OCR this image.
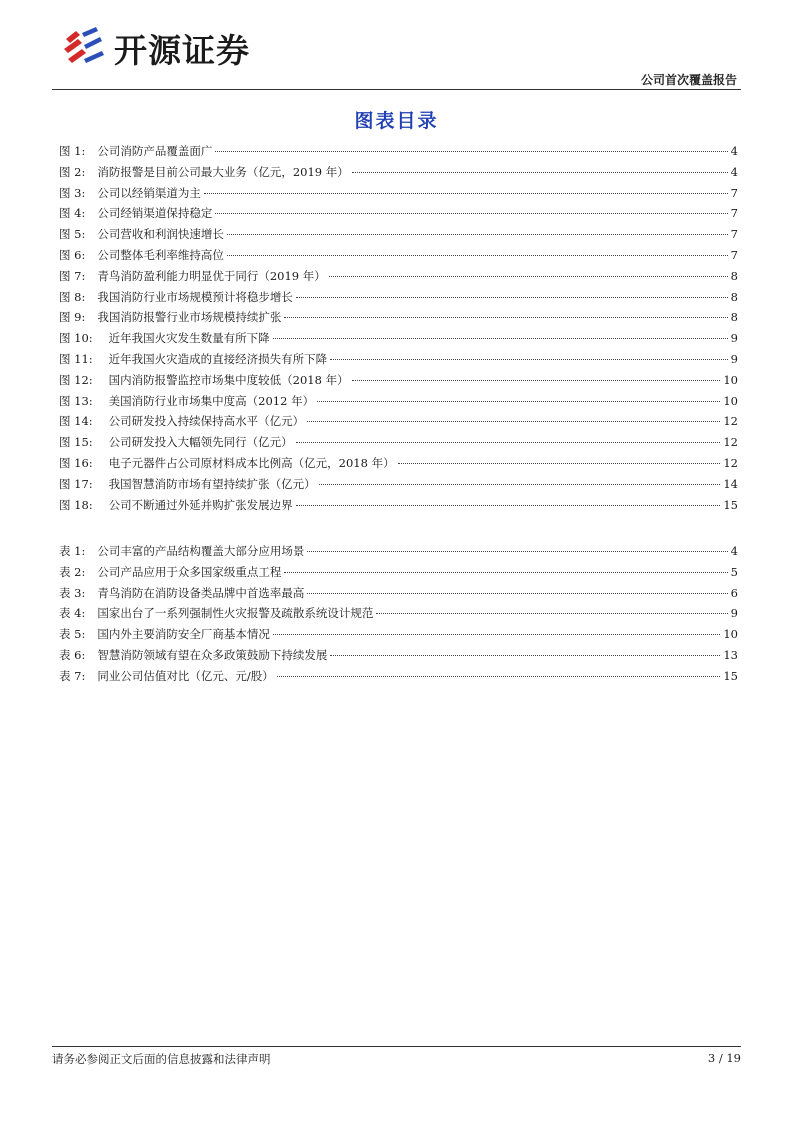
开源证券
公司首次覆盖报告
图表目录
图 1:	公司消防产品覆盖面广	4
图 2:	消防报警是目前公司最大业务（亿元，2019 年）	4
图 3:	公司以经销渠道为主	7
图 4:	公司经销渠道保持稳定	7
图 5:	公司营收和利润快速增长	7
图 6:	公司整体毛利率维持高位	7
图 7:	青鸟消防盈利能力明显优于同行（2019 年）	8
图 8:	我国消防行业市场规模预计将稳步增长	8
图 9:	我国消防报警行业市场规模持续扩张	8
图 10:	近年我国火灾发生数量有所下降	9
图 11:	近年我国火灾造成的直接经济损失有所下降	9
图 12:	国内消防报警监控市场集中度较低（2018 年）	10
图 13:	美国消防行业市场集中度高（2012 年）	10
图 14:	公司研发投入持续保持高水平（亿元）	12
图 15:	公司研发投入大幅领先同行（亿元）	12
图 16:	电子元器件占公司原材料成本比例高（亿元，2018 年）	12
图 17:	我国智慧消防市场有望持续扩张（亿元）	14
图 18:	公司不断通过外延并购扩张发展边界	15
表 1:	公司丰富的产品结构覆盖大部分应用场景	4
表 2:	公司产品应用于众多国家级重点工程	5
表 3:	青鸟消防在消防设备类品牌中首选率最高	6
表 4:	国家出台了一系列强制性火灾报警及疏散系统设计规范	9
表 5:	国内外主要消防安全厂商基本情况	10
表 6:	智慧消防领域有望在众多政策鼓励下持续发展	13
表 7:	同业公司估值对比（亿元、元/股）	15
请务必参阅正文后面的信息披露和法律声明	3 / 19
